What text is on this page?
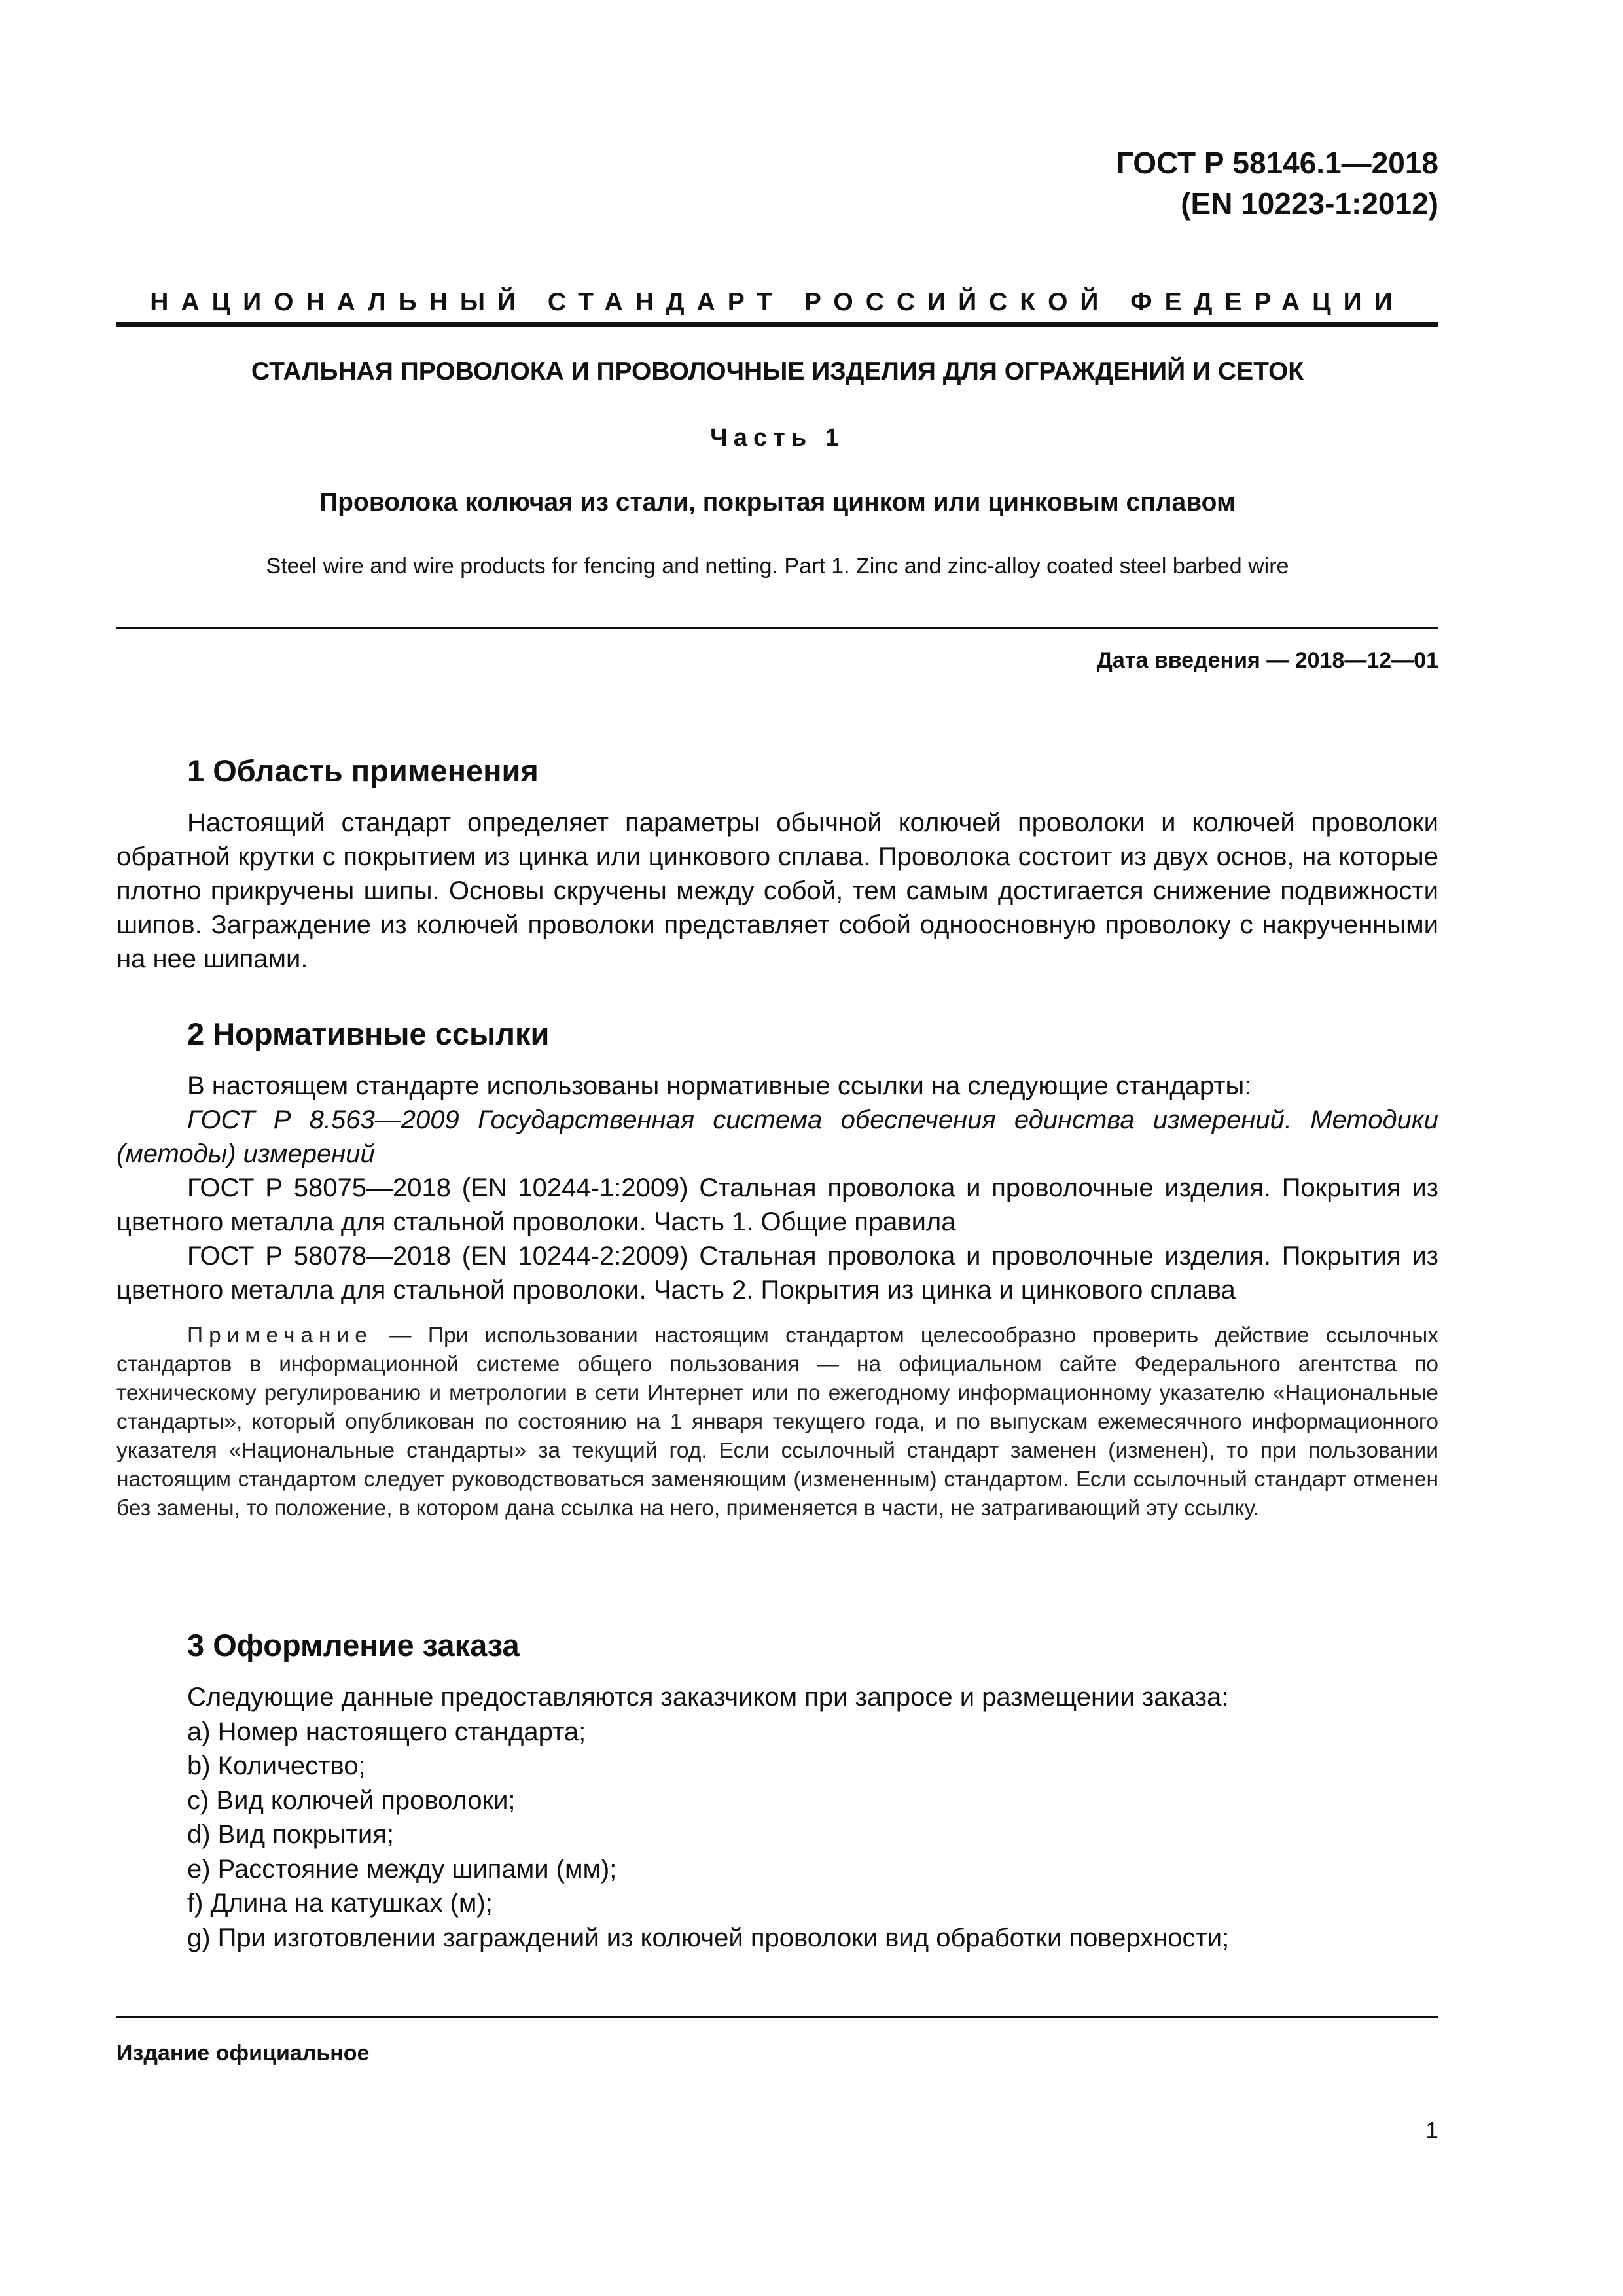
ГОСТ Р 58146.1—2018
(EN 10223-1:2012)
НАЦИОНАЛЬНЫЙ СТАНДАРТ РОССИЙСКОЙ ФЕДЕРАЦИИ
СТАЛЬНАЯ ПРОВОЛОКА И ПРОВОЛОЧНЫЕ ИЗДЕЛИЯ ДЛЯ ОГРАЖДЕНИЙ И СЕТОК
Часть 1
Проволока колючая из стали, покрытая цинком или цинковым сплавом
Steel wire and wire products for fencing and netting. Part 1. Zinc and zinc-alloy coated steel barbed wire
Дата введения — 2018—12—01
1 Область применения

Настоящий стандарт определяет параметры обычной колючей проволоки и колючей проволоки обратной крутки с покрытием из цинка или цинкового сплава. Проволока состоит из двух основ, на которые плотно прикручены шипы. Основы скручены между собой, тем самым достигается снижение подвижности шипов. Заграждение из колючей проволоки представляет собой одноосновную проволоку с накрученными на нее шипами.

2 Нормативные ссылки

В настоящем стандарте использованы нормативные ссылки на следующие стандарты:

ГОСТ Р 8.563—2009 Государственная система обеспечения единства измерений. Методики (методы) измерений

ГОСТ Р 58075—2018 (EN 10244-1:2009) Стальная проволока и проволочные изделия. Покрытия из цветного металла для стальной проволоки. Часть 1. Общие правила

ГОСТ Р 58078—2018 (EN 10244-2:2009) Стальная проволока и проволочные изделия. Покрытия из цветного металла для стальной проволоки. Часть 2. Покрытия из цинка и цинкового сплава

Примечание — При использовании настоящим стандартом целесообразно проверить действие ссылочных стандартов в информационной системе общего пользования — на официальном сайте Федерального агентства по техническому регулированию и метрологии в сети Интернет или по ежегодному информационному указателю «Национальные стандарты», который опубликован по состоянию на 1 января текущего года, и по выпускам ежемесячного информационного указателя «Национальные стандарты» за текущий год. Если ссылочный стандарт заменен (изменен), то при пользовании настоящим стандартом следует руководствоваться заменяющим (измененным) стандартом. Если ссылочный стандарт отменен без замены, то положение, в котором дана ссылка на него, применяется в части, не затрагивающий эту ссылку.

3 Оформление заказа

Следующие данные предоставляются заказчиком при запросе и размещении заказа:

a) Номер настоящего стандарта;

b) Количество;

c) Вид колючей проволоки;

d) Вид покрытия;

e) Расстояние между шипами (мм);

f) Длина на катушках (м);

g) При изготовлении заграждений из колючей проволоки вид обработки поверхности;

Издание официальное
1
